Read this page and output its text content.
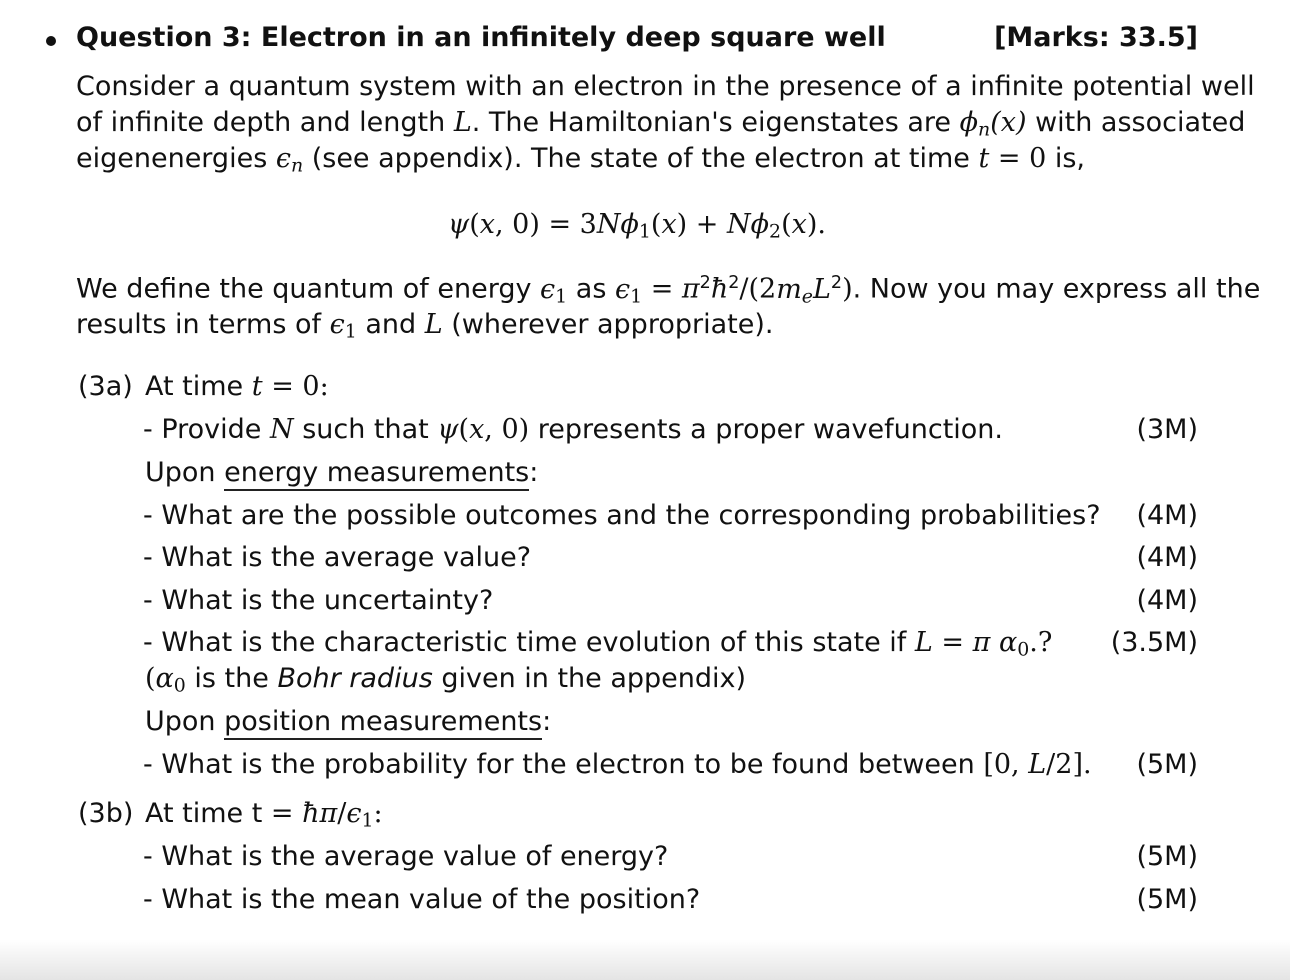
Question 3: Electron in an infinitely deep square well	[Marks: 33.5]
Consider a quantum system with an electron in the presence of a infinite potential well
of infinite depth and length L. The Hamiltonian's eigenstates are $\phi_n(x)$ with associated
eigenenergies $\epsilon_n$ (see appendix). The state of the electron at time t = 0 is,
ψ(x, $0) = 3N\phi_1(x) + N\phi_2(x)$.
We define the quantum of energy $\epsilon_1$ as $\epsilon_1$ = $\pi^2ħ^2/(2m_eL^2)$. Now you may express all the
results in terms of $\epsilon_1$ and L (wherever appropriate).
(3a) At time t = 0:
- Provide N such that ψ(x, 0) represents a proper wavefunction.	(3M)
Upon energy measurements:
- What are the possible outcomes and the corresponding probabilities? (4M)
- What is the average value?	(4M)
- What is the uncertainty?	(4M)
- What is the characteristic time evolution of this state if L = π $\alpha_0$.? (3.5M)
($\alpha_0$ is the Bohr radius given in the appendix)
Upon position measurements:
- What is the probability for the electron to be found between [0, L/2]. (5M)
(3b) At time $t = ħ\pi/\epsilon_1$:
- What is the average value of energy?	(5M)
- What is the mean value of the position?	(5M)
